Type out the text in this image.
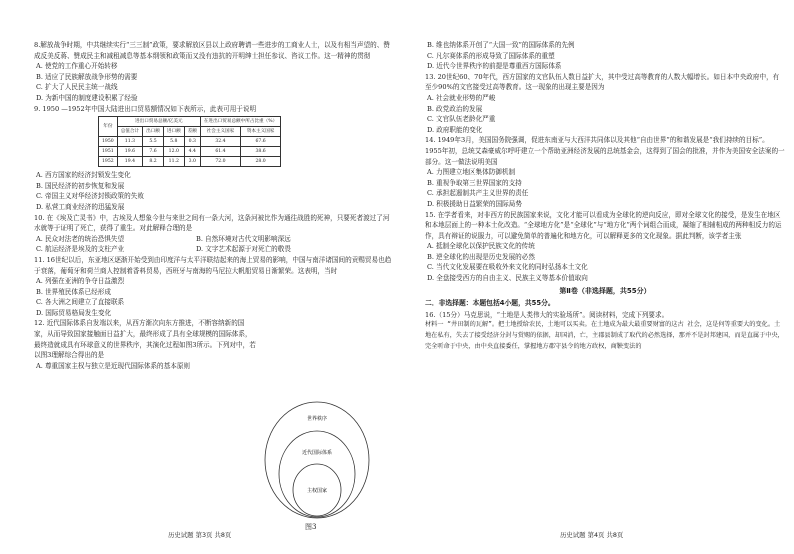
8.解放战争时期，中共继续实行“三三制”政策，要求解放区县以上政府聘请一些进步的工商业人士，以及有相当声望的、赞成反美反蒋、赞成民主和减租减息等基本纲领和政策而又没有违抗的开明绅士担任参议、咨议工作。这一精神的贯彻

A. 使党的工作重心开始转移

B. 适应了民族解放战争形势的需要

C. 扩大了人民民主统一战线

D. 为新中国的制度建设积累了经验

9. 1950 —1952年中国大陆进出口贸易额情况如下表所示，此表可用于说明

年份	进出口贸易总额/亿美元				在进出口贸易总额中所占比重（%）	
	总值合计	出口额	进口额	差额	社会主义国家	资本主义国家
1950	11.3	5.5	5.8	0.3	32.4	67.6
1951	19.6	7.6	12.0	4.4	61.4	38.6
1952	19.4	8.2	11.2	3.0	72.0	28.0

A. 西方国家的经济封锁发生变化

B. 国民经济的初步恢复和发展

C. 帝国主义对华经济封锁政策的失败

D. 私营工商业经济的迅猛发展

10. 在《埃及亡灵书》中，古埃及人想象今世与来世之间有一条大河，这条河被比作为通往战胜的死神，只要死者渡过了河水就等于证明了死亡，获得了重生。对此解释合理的是

A. 民众对法老的统治恐惧失望	B. 自然环境对古代文明影响深远

C. 航运经济是埃及的支柱产业	D. 文字艺术起源于对死亡的敬畏

11. 16世纪以后，东亚地区逐渐开始受到由印度洋与太平洋联结起来的海上贸易的影响，中国与南洋诸国间的贡赐贸易也趋于衰落，葡萄牙和荷兰商人控制着香料贸易，西班牙与南海的马尼拉大帆船贸易日渐繁荣。这表明，当时

A. 列强在亚洲的争夺日益激烈

B. 世界殖民体系已经形成

C. 各大洲之间建立了直接联系

D. 国际贸易格局发生变化

12. 近代国际体系自发端以来，从西方渐次向东方推进，不断容纳新的国家，从而导致国家接触面日益扩大，最终形成了具有全球规模的国际体系，最终造就成具有环球意义的世界秩序，其演化过程如图3所示。下列对中，若以图3理解综合得出的是

A. 尊重国家主权与独立是近现代国际体系的基本原则

世界秩序
近代国际体系
主权国家
图3
历史试题 第3页 共8页

B. 维也纳体系开创了“大国一致”的国际体系的先例

C. 凡尔赛体系的形成导致了国际体系的重塑

D. 近代今世界秩序的前提是尊重西方国际体系

13. 20世纪60、70年代，西方国家的文官队伍人数日益扩大，其中受过高等教育的人数大幅增长。如日本中央政府中，有至少90%的文官接受过高等教育。这一现象的出现主要是因为

A. 社会就业形势的严峻

B. 政党政治的发展

C. 文官队伍老龄化严重

D. 政府职能的变化

14. 1949年3月，美国国务院强调，促进东南亚与大西洋共同体以及其他“自由世界”的和谐发展是“我们持续的目标”。1955年初，总统艾森豪威尔呼吁建立一个帮助亚洲经济发展的总统基金会，这得到了国会的批准，并作为美国安全法案的一部分。这一做法说明美国

A. 力图建立地区集体防御机制

B. 重视争取第三世界国家的支持

C. 承担起遏制共产主义世界的责任

D. 积极援助日益繁荣的国际局势

15. 在学者看来，对非西方的民族国家来说，文化才能可以看成为全球化的逆向反应，即对全球文化的接受，是发生在地区和本地层面上的一种本土化改造。“全球地方化”是“全球化”与“地方化”两个词组合而成，凝缩了相辅相成的两种相反力的运作，具有辩证的说服力，可以避免简单的普遍化和地方化，可以解释更多的文化现象。据此判断，该学者主张

A. 抵制全球化以保护民族文化的传统

B. 逆全球化的出现是历史发展的必然

C. 当代文化发展要在吸收外来文化的同时弘扬本土文化

D. 全盘接受西方的自由主义、民族主义等基本价值取向

第Ⅱ卷（非选择题，共55分）
二．非选择题：本题包括4小题，共55分。

16.（15分）马克思说，“土地是人类伟大的实验场所”。阅读材料，完成下列要求。

材料一 “井田制的瓦解”。把土地授给农民，土地可以买卖。在土地成为最大最重要财富的这古 社会，这是何等重要大的变化。土地在私有，失去了接受经济分封与赏赐的依据，却国消，亡，主郡县制成了取代的必然选择，那并不是封邦建国，而是直属于中央，完全听命于中央，由中央直接委任，掌握地方郡守县令的地方政权，商鞅变法的

历史试题 第4页 共8页
